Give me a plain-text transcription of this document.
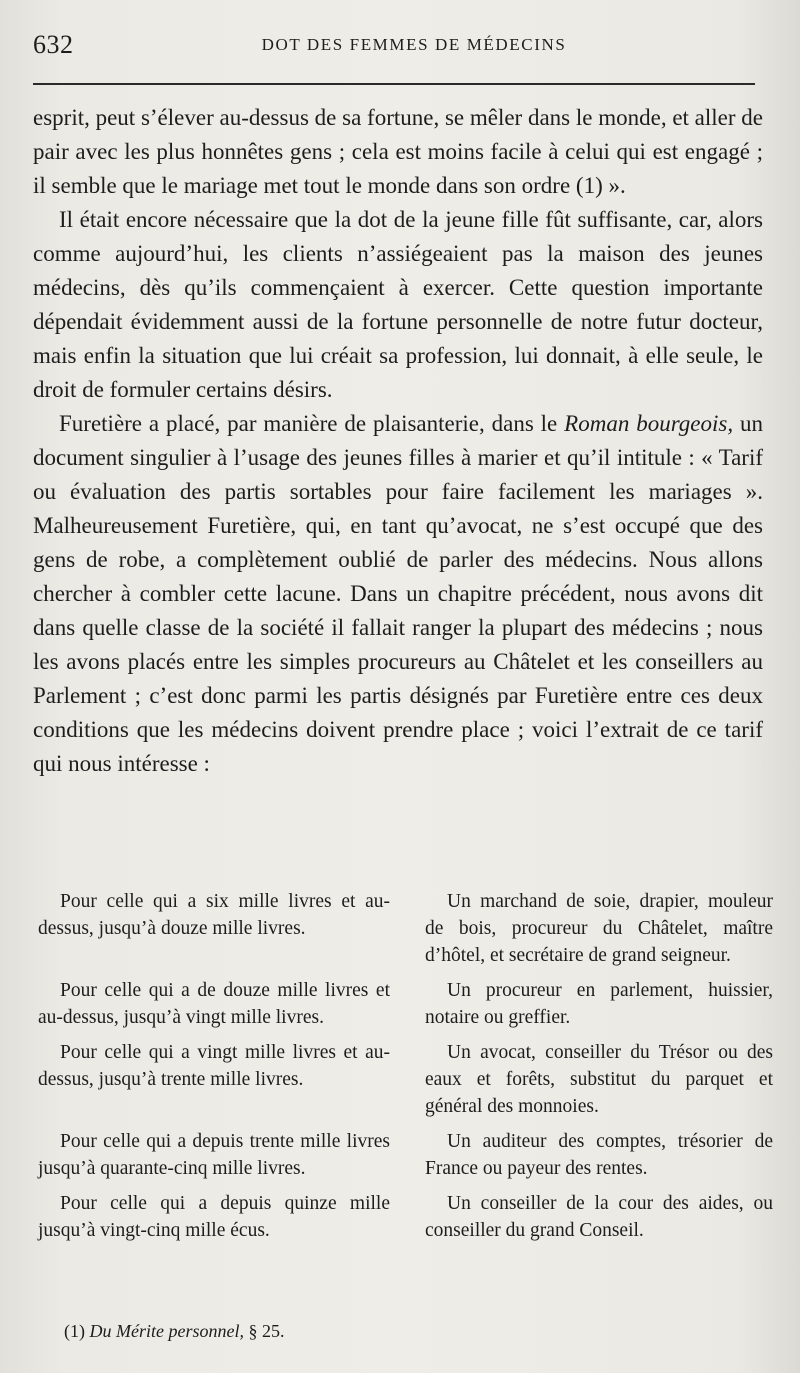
632	DOT DES FEMMES DE MÉDECINS

esprit, peut s’élever au-dessus de sa fortune, se mêler dans le monde, et aller de pair avec les plus honnêtes gens ; cela est moins facile à celui qui est engagé ; il semble que le mariage met tout le monde dans son ordre (1) ».

Il était encore nécessaire que la dot de la jeune fille fût suffisante, car, alors comme aujourd’hui, les clients n’assiégeaient pas la maison des jeunes médecins, dès qu’ils commençaient à exercer. Cette question importante dépendait évidemment aussi de la fortune personnelle de notre futur docteur, mais enfin la situation que lui créait sa profession, lui donnait, à elle seule, le droit de formuler certains désirs.

Furetière a placé, par manière de plaisanterie, dans le Roman bourgeois, un document singulier à l’usage des jeunes filles à marier et qu’il intitule : « Tarif ou évaluation des partis sortables pour faire facilement les mariages ». Malheureusement Furetière, qui, en tant qu’avocat, ne s’est occupé que des gens de robe, a complètement oublié de parler des médecins. Nous allons chercher à combler cette lacune. Dans un chapitre précédent, nous avons dit dans quelle classe de la société il fallait ranger la plupart des médecins ; nous les avons placés entre les simples procureurs au Châtelet et les conseillers au Parlement ; c’est donc parmi les partis désignés par Furetière entre ces deux conditions que les médecins doivent prendre place ; voici l’extrait de ce tarif qui nous intéresse :

Pour celle qui a six mille livres et au-dessus, jusqu’à douze mille livres.
Un marchand de soie, drapier, mouleur de bois, procureur du Châtelet, maître d’hôtel, et secrétaire de grand seigneur.
Pour celle qui a de douze mille livres et au-dessus, jusqu’à vingt mille livres.
Un procureur en parlement, huissier, notaire ou greffier.
Pour celle qui a vingt mille livres et au-dessus, jusqu’à trente mille livres.
Un avocat, conseiller du Trésor ou des eaux et forêts, substitut du parquet et général des monnoies.
Pour celle qui a depuis trente mille livres jusqu’à quarante-cinq mille livres.
Un auditeur des comptes, trésorier de France ou payeur des rentes.
Pour celle qui a depuis quinze mille jusqu’à vingt-cinq mille écus.
Un conseiller de la cour des aides, ou conseiller du grand Conseil.
(1) Du Mérite personnel, § 25.
